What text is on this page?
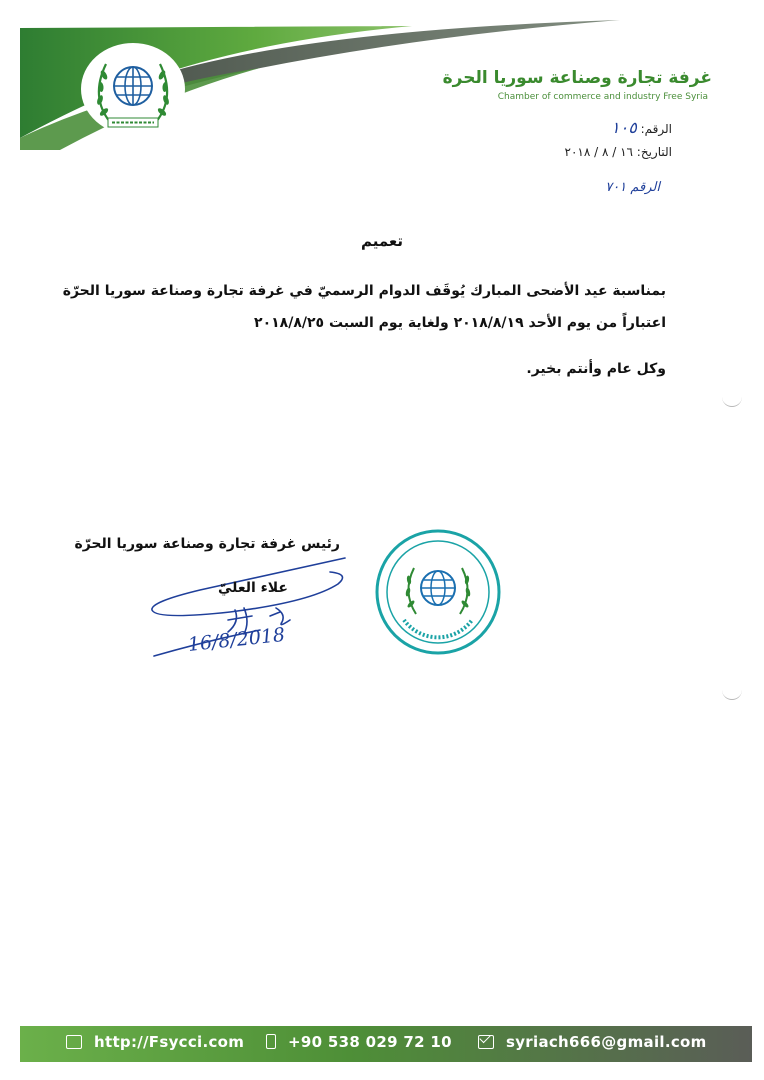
غرفة تجارة وصناعة سوريا الحرة
Chamber of commerce and industry Free Syria
الرقم: ١٠٥
التاريخ: ١٦ / ٨ / ٢٠١٨
الرقم ٧٠١
تعميم
بمناسبة عيد الأضحى المبارك يُوقَف الدوام الرسميّ في غرفة تجارة وصناعة سوريا الحرّة
اعتباراً من يوم الأحد ٢٠١٨/٨/١٩ ولغاية يوم السبت ٢٠١٨/٨/٢٥
وكل عام وأنتم بخير.
رئيس غرفة تجارة وصناعة سوريا الحرّة
علاء العليّ
16/8/2018
http://Fsycci.com	+90 538 029 72 10	syriach666@gmail.com
